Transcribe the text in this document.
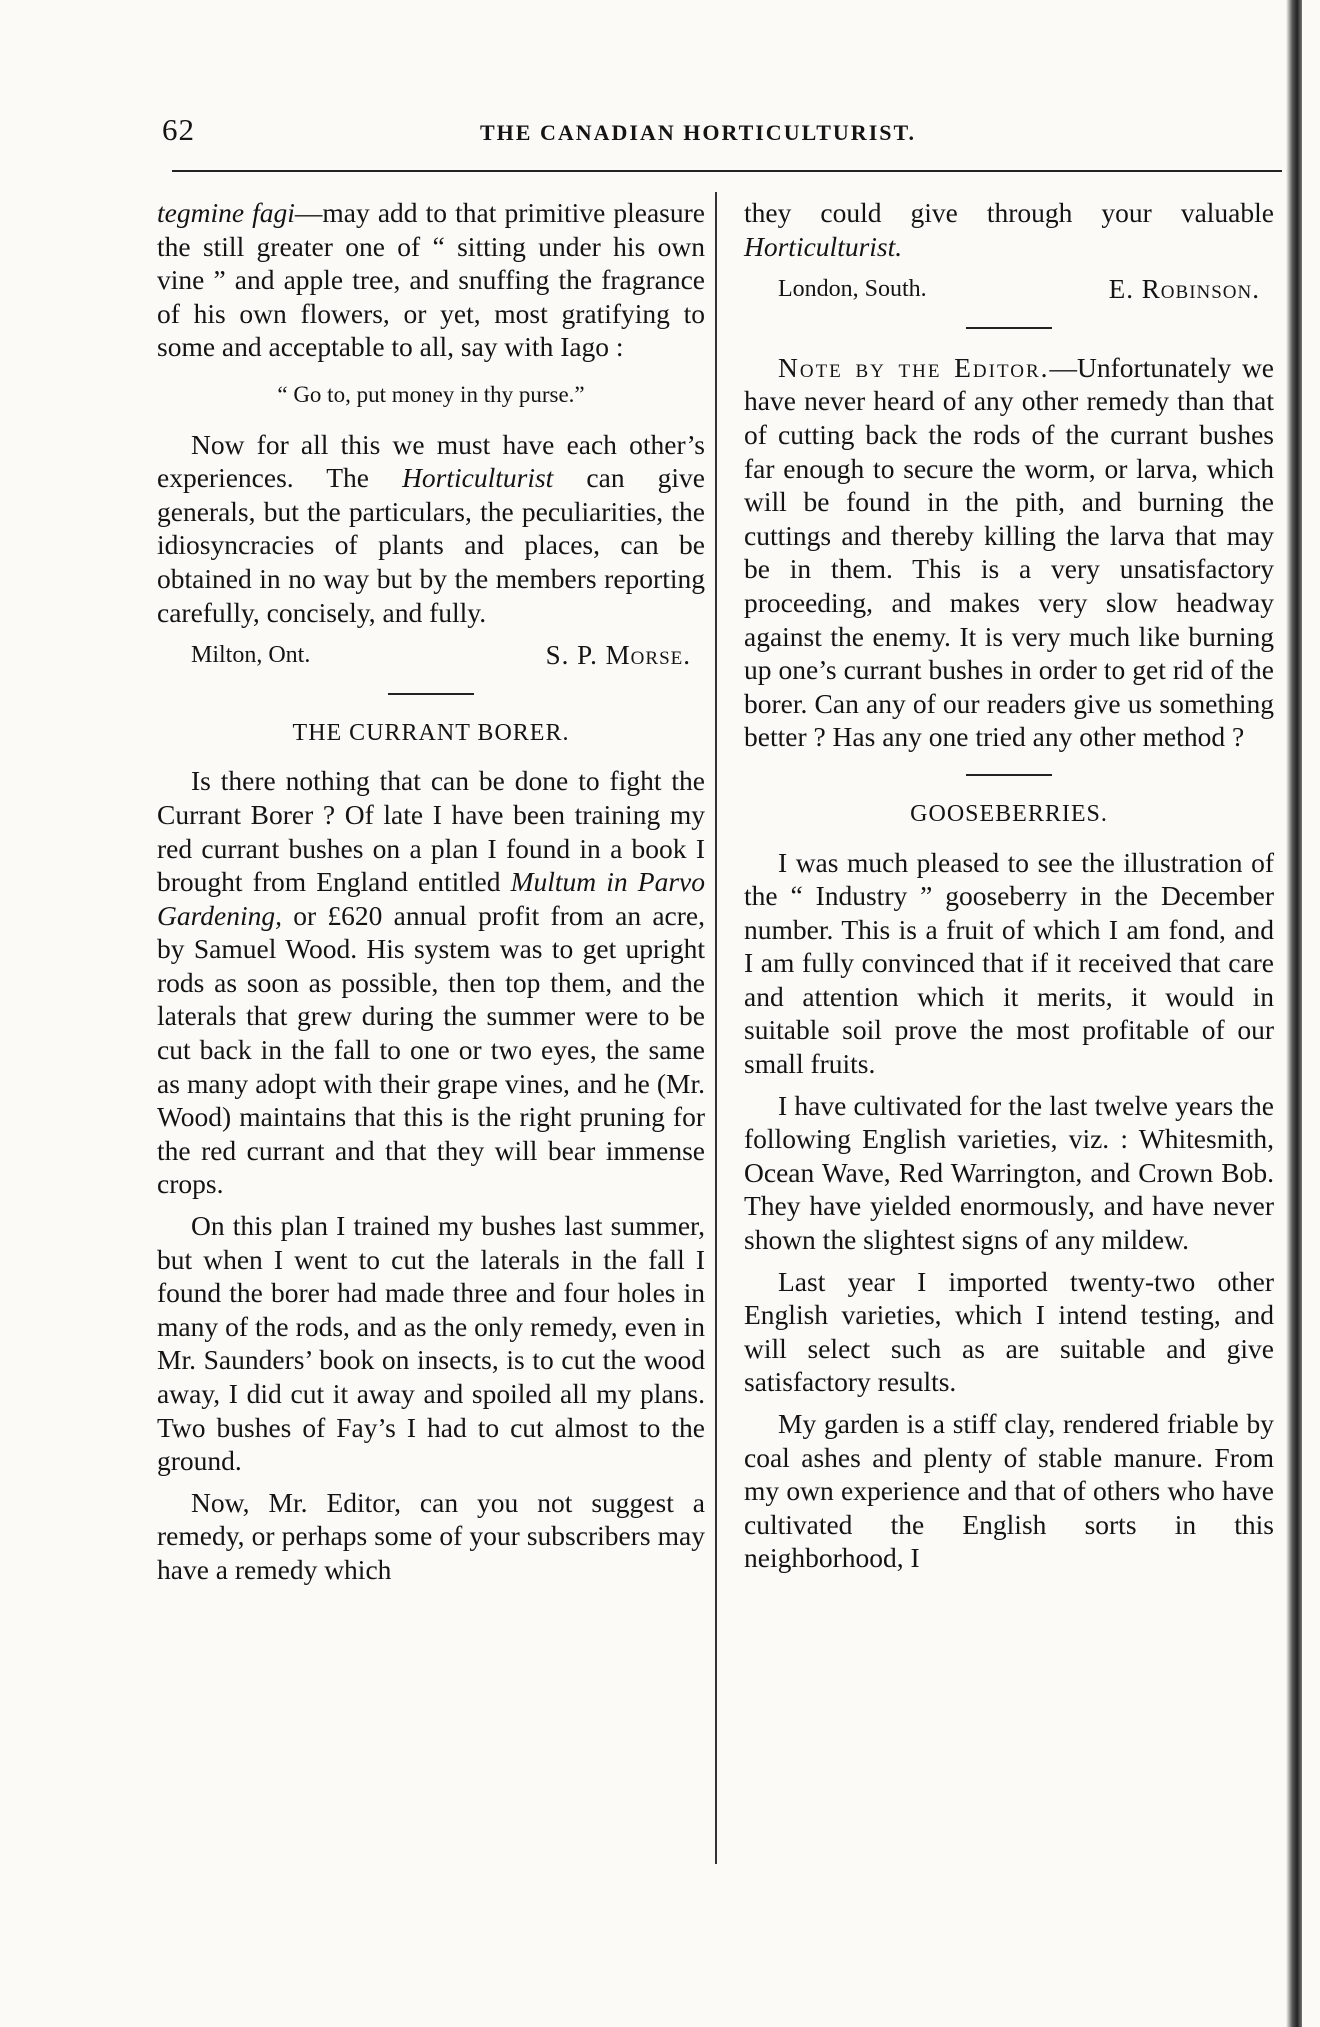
62	THE CANADIAN HORTICULTURIST.

tegmine fagi—may add to that primitive pleasure the still greater one of “ sitting under his own vine ” and apple tree, and snuffing the fragrance of his own flowers, or yet, most gratifying to some and acceptable to all, say with Iago :

“ Go to, put money in thy purse.”

Now for all this we must have each other’s experiences. The Horticulturist can give generals, but the particulars, the peculiarities, the idiosyncracies of plants and places, can be obtained in no way but by the members reporting carefully, concisely, and fully.

Milton, Ont.	S. P. Morse.
THE CURRANT BORER.

Is there nothing that can be done to fight the Currant Borer ? Of late I have been training my red currant bushes on a plan I found in a book I brought from England entitled Multum in Parvo Gardening, or £620 annual profit from an acre, by Samuel Wood. His system was to get upright rods as soon as possible, then top them, and the laterals that grew during the summer were to be cut back in the fall to one or two eyes, the same as many adopt with their grape vines, and he (Mr. Wood) maintains that this is the right pruning for the red currant and that they will bear immense crops.

On this plan I trained my bushes last summer, but when I went to cut the laterals in the fall I found the borer had made three and four holes in many of the rods, and as the only remedy, even in Mr. Saunders’ book on insects, is to cut the wood away, I did cut it away and spoiled all my plans. Two bushes of Fay’s I had to cut almost to the ground.

Now, Mr. Editor, can you not suggest a remedy, or perhaps some of your subscribers may have a remedy which

they could give through your valuable Horticulturist.

London, South.	E. Robinson.

Note by the Editor.—Unfortunately we have never heard of any other remedy than that of cutting back the rods of the currant bushes far enough to secure the worm, or larva, which will be found in the pith, and burning the cuttings and thereby killing the larva that may be in them. This is a very unsatisfactory proceeding, and makes very slow headway against the enemy. It is very much like burning up one’s currant bushes in order to get rid of the borer. Can any of our readers give us something better ? Has any one tried any other method ?

GOOSEBERRIES.

I was much pleased to see the illustration of the “ Industry ” gooseberry in the December number. This is a fruit of which I am fond, and I am fully convinced that if it received that care and attention which it merits, it would in suitable soil prove the most profitable of our small fruits.

I have cultivated for the last twelve years the following English varieties, viz. : Whitesmith, Ocean Wave, Red Warrington, and Crown Bob. They have yielded enormously, and have never shown the slightest signs of any mildew.

Last year I imported twenty-two other English varieties, which I intend testing, and will select such as are suitable and give satisfactory results.

My garden is a stiff clay, rendered friable by coal ashes and plenty of stable manure. From my own experience and that of others who have cultivated the English sorts in this neighborhood, I
